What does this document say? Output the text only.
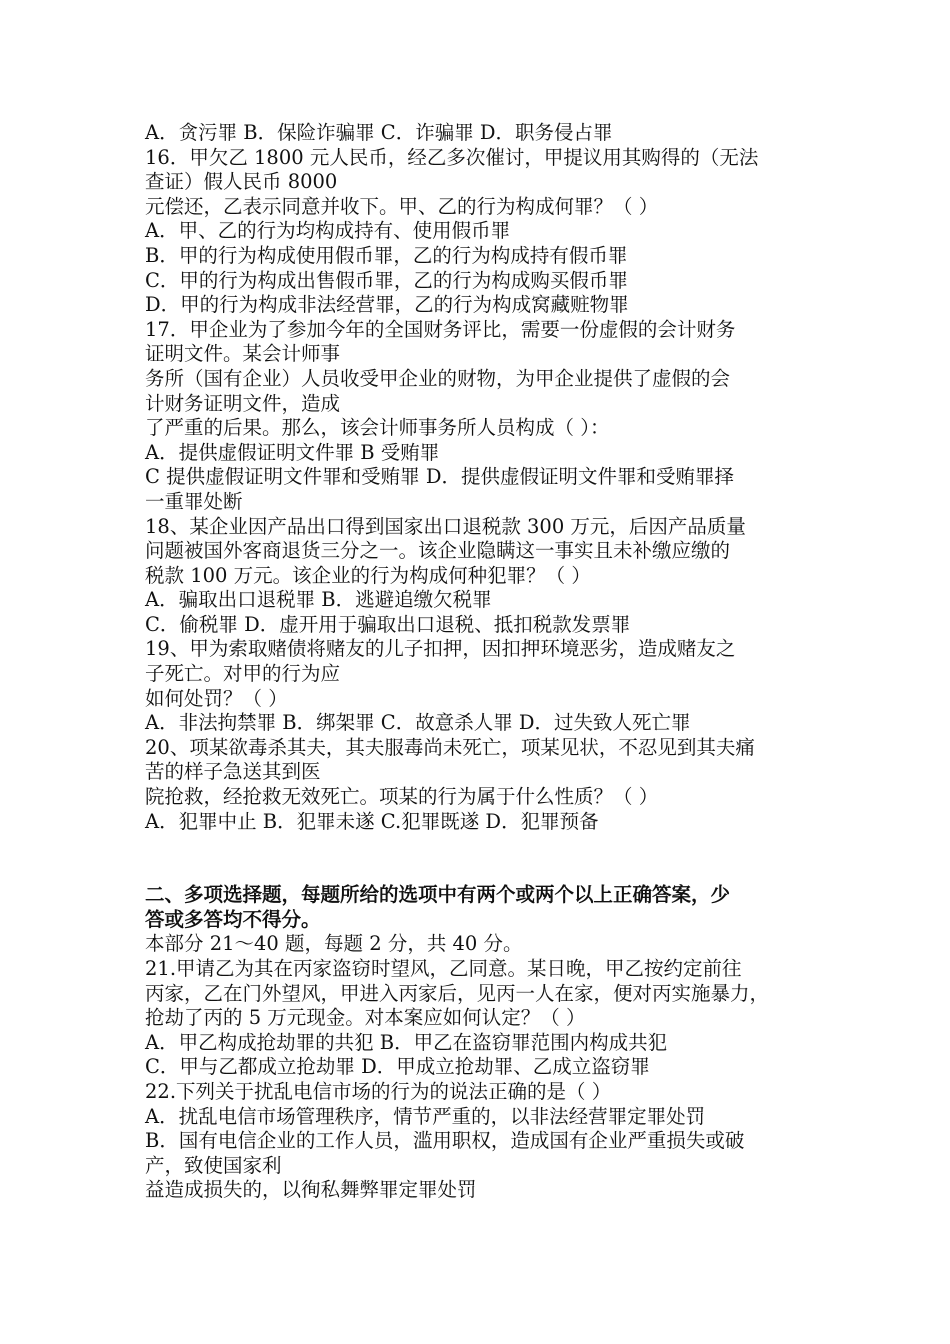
A．贪污罪 B．保险诈骗罪 C．诈骗罪 D．职务侵占罪
16．甲欠乙 1800 元人民币，经乙多次催讨，甲提议用其购得的（无法
查证）假人民币 8000
元偿还，乙表示同意并收下。甲、乙的行为构成何罪？（ ）
A．甲、乙的行为均构成持有、使用假币罪
B．甲的行为构成使用假币罪，乙的行为构成持有假币罪
C．甲的行为构成出售假币罪，乙的行为构成购买假币罪
D．甲的行为构成非法经营罪，乙的行为构成窝藏赃物罪
17．甲企业为了参加今年的全国财务评比，需要一份虚假的会计财务
证明文件。某会计师事
务所（国有企业）人员收受甲企业的财物，为甲企业提供了虚假的会
计财务证明文件，造成
了严重的后果。那么，该会计师事务所人员构成（ ）：
A．提供虚假证明文件罪 B 受贿罪
C 提供虚假证明文件罪和受贿罪 D．提供虚假证明文件罪和受贿罪择
一重罪处断
18、某企业因产品出口得到国家出口退税款 300 万元，后因产品质量
问题被国外客商退货三分之一。该企业隐瞒这一事实且未补缴应缴的
税款 100 万元。该企业的行为构成何种犯罪？（ ）
A．骗取出口退税罪 B．逃避追缴欠税罪
C．偷税罪 D．虚开用于骗取出口退税、抵扣税款发票罪
19、甲为索取赌债将赌友的儿子扣押，因扣押环境恶劣，造成赌友之
子死亡。对甲的行为应
如何处罚？（ ）
A．非法拘禁罪 B．绑架罪 C．故意杀人罪 D．过失致人死亡罪
20、项某欲毒杀其夫，其夫服毒尚未死亡，项某见状，不忍见到其夫痛
苦的样子急送其到医
院抢救，经抢救无效死亡。项某的行为属于什么性质？（ ）
A．犯罪中止 B．犯罪未遂 C.犯罪既遂 D．犯罪预备
二、多项选择题，每题所给的选项中有两个或两个以上正确答案，少
答或多答均不得分。
本部分 21～40 题，每题 2 分，共 40 分。
21.甲请乙为其在丙家盗窃时望风，乙同意。某日晚，甲乙按约定前往
丙家，乙在门外望风，甲进入丙家后，见丙一人在家，便对丙实施暴力，
抢劫了丙的 5 万元现金。对本案应如何认定？（ ）
A．甲乙构成抢劫罪的共犯 B．甲乙在盗窃罪范围内构成共犯
C．甲与乙都成立抢劫罪 D．甲成立抢劫罪、乙成立盗窃罪
22.下列关于扰乱电信市场的行为的说法正确的是（ ）
A．扰乱电信市场管理秩序，情节严重的，以非法经营罪定罪处罚
B．国有电信企业的工作人员，滥用职权，造成国有企业严重损失或破
产，致使国家利
益造成损失的，以徇私舞弊罪定罪处罚
